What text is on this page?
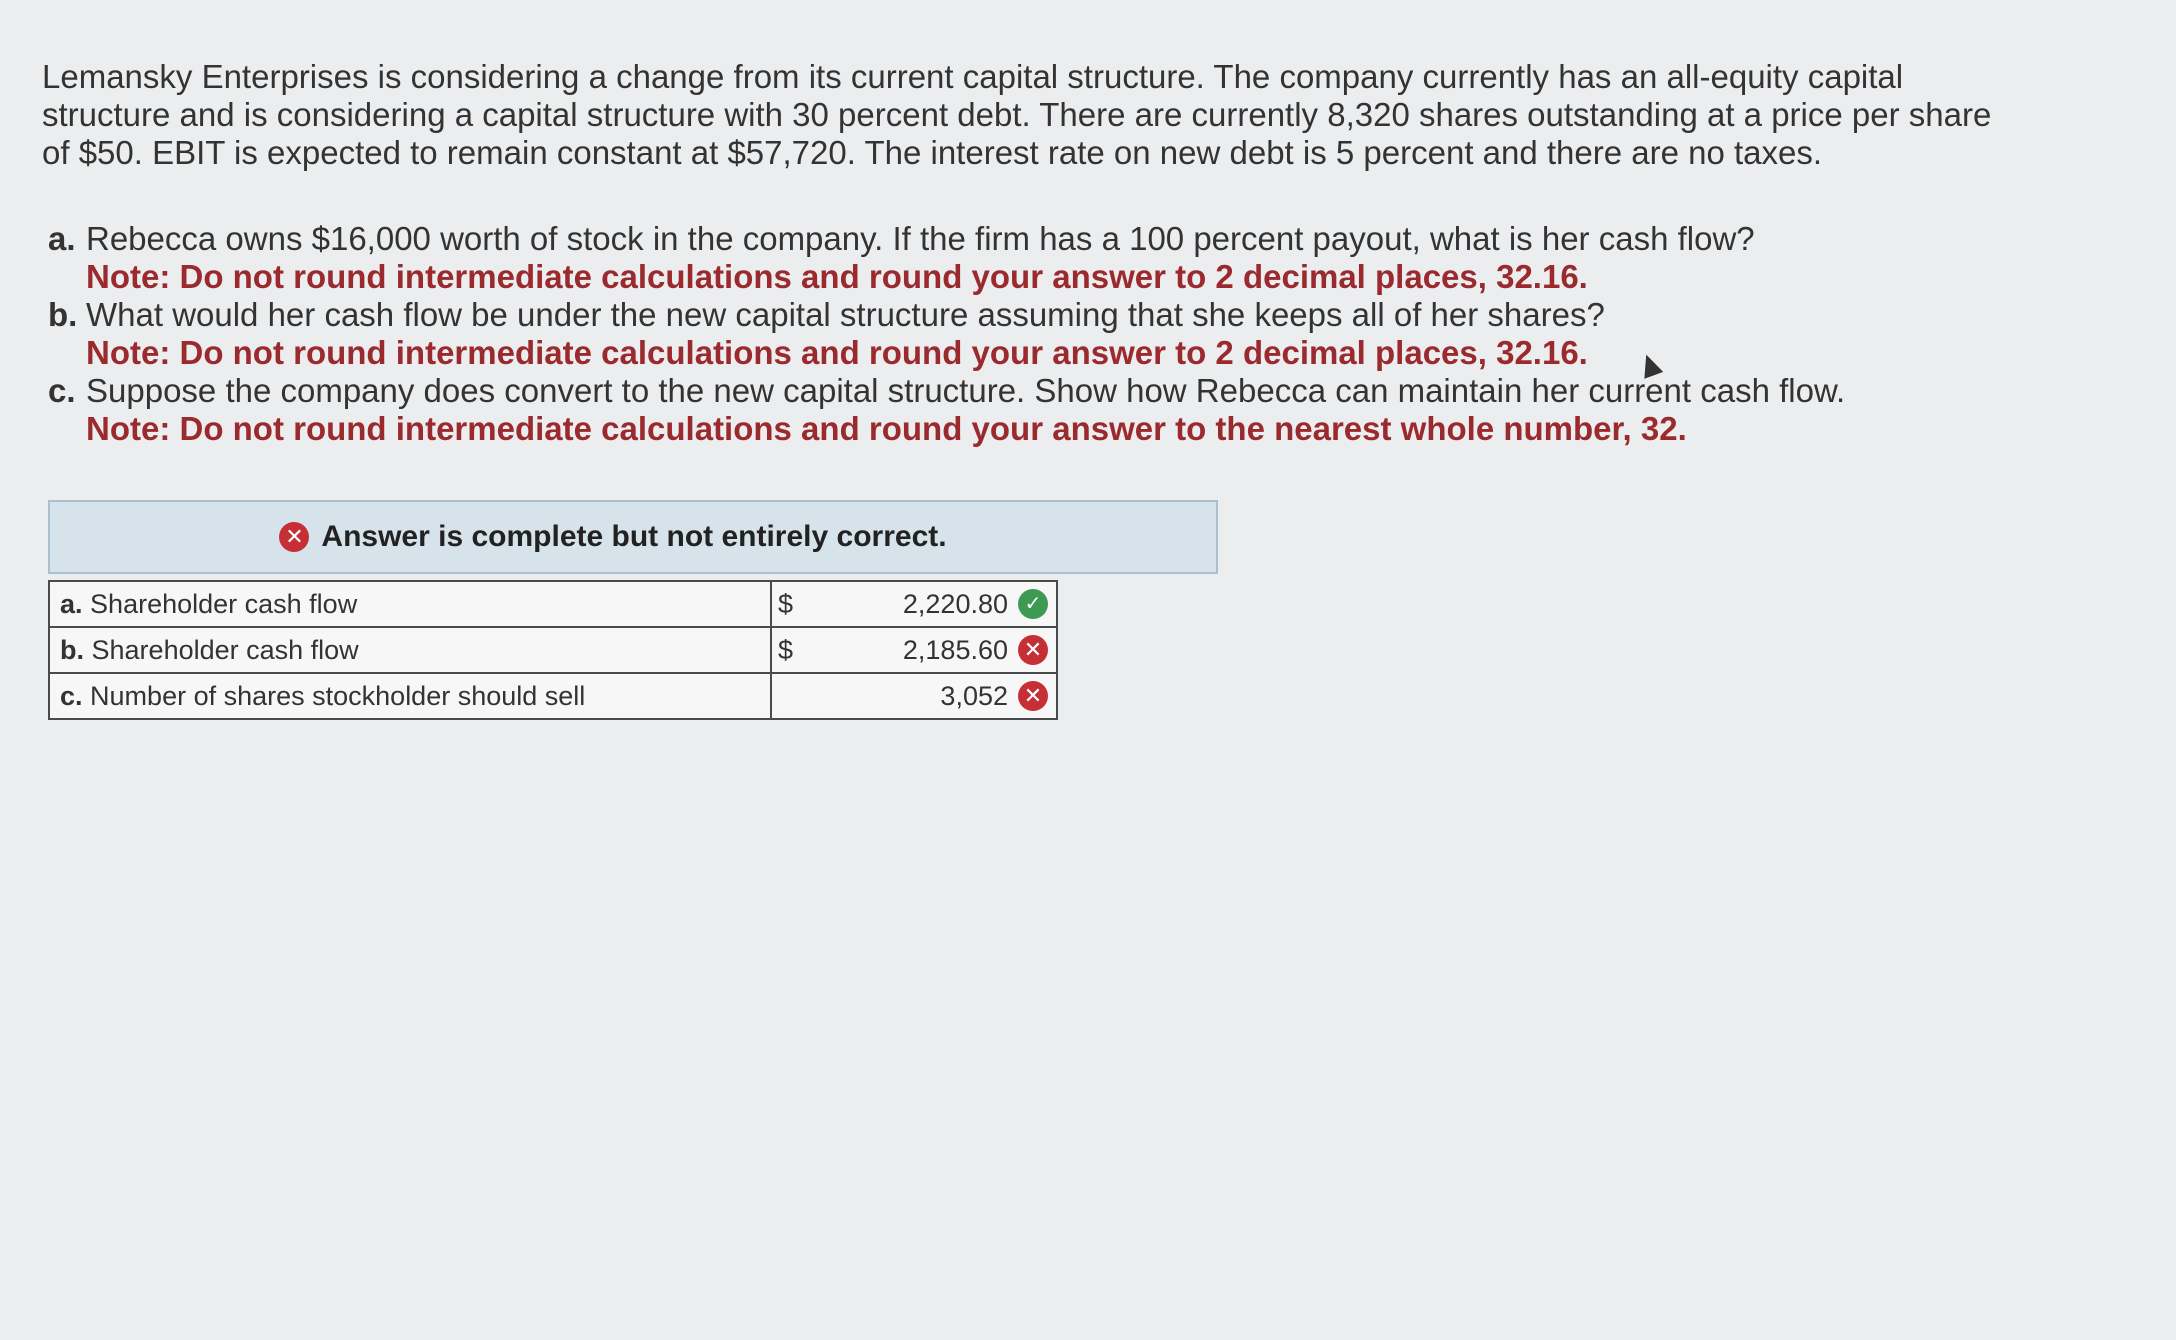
Lemansky Enterprises is considering a change from its current capital structure. The company currently has an all-equity capital

structure and is considering a capital structure with 30 percent debt. There are currently 8,320 shares outstanding at a price per share

of $50. EBIT is expected to remain constant at $57,720. The interest rate on new debt is 5 percent and there are no taxes.

a. Rebecca owns $16,000 worth of stock in the company. If the firm has a 100 percent payout, what is her cash flow?
Note: Do not round intermediate calculations and round your answer to 2 decimal places, 32.16.
b. What would her cash flow be under the new capital structure assuming that she keeps all of her shares?
Note: Do not round intermediate calculations and round your answer to 2 decimal places, 32.16.
c. Suppose the company does convert to the new capital structure. Show how Rebecca can maintain her current cash flow.
Note: Do not round intermediate calculations and round your answer to the nearest whole number, 32.
✕ Answer is complete but not entirely correct.
a. Shareholder cash flow	$ 2,220.80 ✓

b. Shareholder cash flow	$ 2,185.60 ✕

c. Number of shares stockholder should sell	3,052 ✕
